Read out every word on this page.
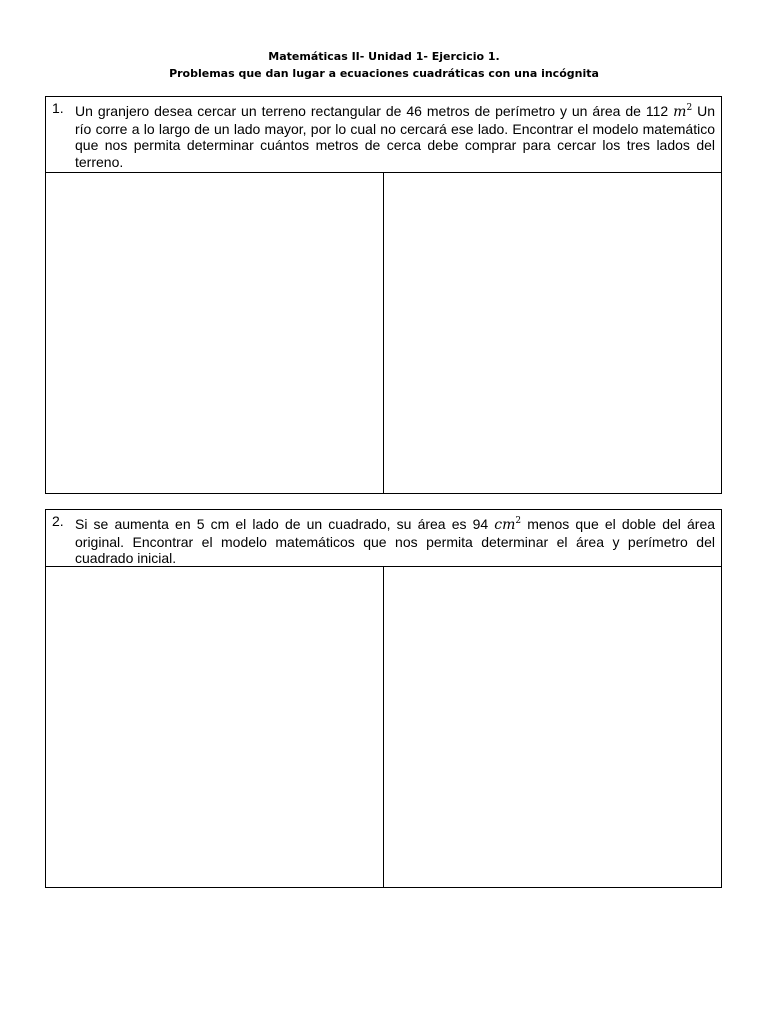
Matemáticas II- Unidad 1- Ejercicio 1.
Problemas que dan lugar a ecuaciones cuadráticas con una incógnita
1. Un granjero desea cercar un terreno rectangular de 46 metros de perímetro y un área de 112 $m^2$ Un río corre a lo largo de un lado mayor, por lo cual no cercará ese lado. Encontrar el modelo matemático que nos permita determinar cuántos metros de cerca debe comprar para cercar los tres lados del terreno.
2. Si se aumenta en 5 cm el lado de un cuadrado, su área es 94 $cm^2$ menos que el doble del área original. Encontrar el modelo matemáticos que nos permita determinar el área y perímetro del cuadrado inicial.
